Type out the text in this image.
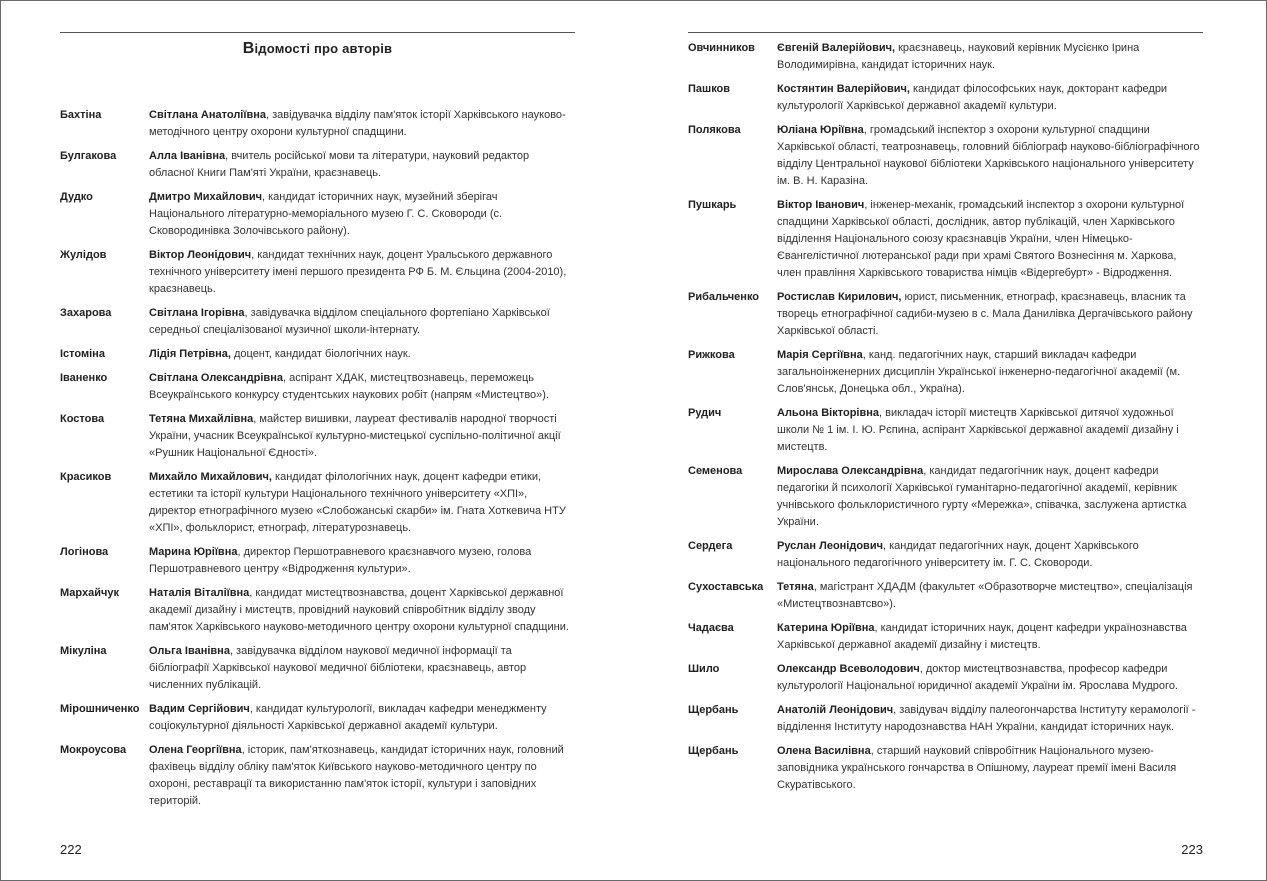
Відомості про авторів
Бахтіна	Світлана Анатоліївна, завідувачка відділу пам'яток історії Харківського науково-методічного центру охорони культурної спадщини.
Булгакова	Алла Іванівна, вчитель російської мови та літератури, науковий редактор обласної Книги Пам'яті України, краєзнавець.
Дудко	Дмитро Михайлович, кандидат історичних наук, музейний зберігач Національного літературно-меморіального музею Г. С. Сковороди (с. Сковородинівка Золочівського району).
Жулідов	Віктор Леонідович, кандидат технічних наук, доцент Уральського державного технічного університету імені першого президента РФ Б. М. Єльцина (2004-2010), краєзнавець.
Захарова	Світлана Ігорівна, завідувачка відділом спеціального фортепіано Харківської середньої спеціалізованої музичної школи-інтернату.
Істоміна	Лідія Петрівна, доцент, кандидат біологічних наук.
Іваненко	Світлана Олександрівна, аспірант ХДАК, мистецтвознавець, переможець Всеукраїнського конкурсу студентських наукових робіт (напрям «Мистецтво»).
Костова	Тетяна Михайлівна, майстер вишивки, лауреат фестивалів народної творчості України, учасник Всеукраїнської культурно-мистецької суспільно-політичної акції «Рушник Національної Єдності».
Красиков	Михайло Михайлович, кандидат філологічних наук, доцент кафедри етики, естетики та історії культури Національного технічного університету «ХПІ», директор етнографічного музею «Слобожанські скарби» ім. Гната Хоткевича НТУ «ХПІ», фольклорист, етнограф, літературознавець.
Логінова	Марина Юріївна, директор Першотравневого краєзнавчого музею, голова Першотравневого центру «Відродження культури».
Мархайчук	Наталія Віталіївна, кандидат мистецтвознавства, доцент Харківської державної академії дизайну і мистецтв, провідний науковий співробітник відділу зводу пам'яток Харківського науково-методичного центру охорони культурної спадщини.
Мікуліна	Ольга Іванівна, завідувачка відділом наукової медичної інформації та бібліографії Харківської наукової медичної бібліотеки, краєзнавець, автор численних публікацій.
Мірошниченко Вадим Сергійович, кандидат культурології, викладач кафедри менеджменту соціокультурної діяльності Харківської державної академії культури.
Мокроусова	Олена Георгіївна, історик, пам'яткознавець, кандидат історичних наук, головний фахівець відділу обліку пам'яток Київського науково-методичного центру по охороні, реставрації та використанню пам'яток історії, культури і заповідних територій.
222
Овчинников	Євгеній Валерійович, краєзнавець, науковий керівник Мусієнко Ірина Володимирівна, кандидат історичних наук.
Пашков	Костянтин Валерійович, кандидат філософських наук, докторант кафедри культурології Харківської державної академії культури.
Полякова	Юліана Юріївна, громадський інспектор з охорони культурної спадщини Харківської області, театрознавець, головний бібліограф науково-бібліографічного відділу Центральної наукової бібліотеки Харківського національного університету ім. В. Н. Каразіна.
Пушкарь	Віктор Іванович, інженер-механік, громадський інспектор з охорони культурної спадщини Харківської області, дослідник, автор публікацій, член Харківського відділення Національного союзу краєзнавців України, член Німецько-Євангелістичної лютеранської ради при храмі Святого Вознесіння м. Харкова, член правління Харківського товариства німців «Відергебурт» - Відродження.
Рибальченко	Ростислав Кирилович, юрист, письменник, етнограф, краєзнавець, власник та творець етнографічної садиби-музею в с. Мала Данилівка Дергачівського району Харківської області.
Рижкова	Марія Сергіївна, канд. педагогічних наук, старший викладач кафедри загальноінженерних дисциплін Української інженерно-педагогічної академії (м. Слов'янськ, Донецька обл., Україна).
Рудич	Альона Вікторівна, викладач історії мистецтв Харківської дитячої художньої школи № 1 ім. І. Ю. Рєпина, аспірант Харківської державної академії дизайну і мистецтв.
Семенова	Мирослава Олександрівна, кандидат педагогічник наук, доцент кафедри педагогіки й психології Харківської гуманітарно-педагогічної академії, керівник учнівського фольклористичного гурту «Мережка», співачка, заслужена артистка України.
Сердега	Руслан Леонідович, кандидат педагогічних наук, доцент Харківського національного педагогічного університету ім. Г. С. Сковороди.
Сухоставська	Тетяна, магістрант ХДАДМ (факультет «Образотворче мистецтво», спеціалізація «Мистецтвознавтсво»).
Чадаєва	Катерина Юріївна, кандидат історичних наук, доцент кафедри українознавства Харківської державної академії дизайну і мистецтв.
Шило	Олександр Всеволодович, доктор мистецтвознавства, професор кафедри культурології Національної юридичної академії України ім. Ярослава Мудрого.
Щербань	Анатолій Леонідович, завідувач відділу палеогончарства Інституту керамології - відділення Інституту народознавства НАН України, кандидат історичних наук.
Щербань	Олена Василівна, старший науковий співробітник Національного музею-заповідника українського гончарства в Опішному, лауреат премії імені Василя Скуратівського.
223
